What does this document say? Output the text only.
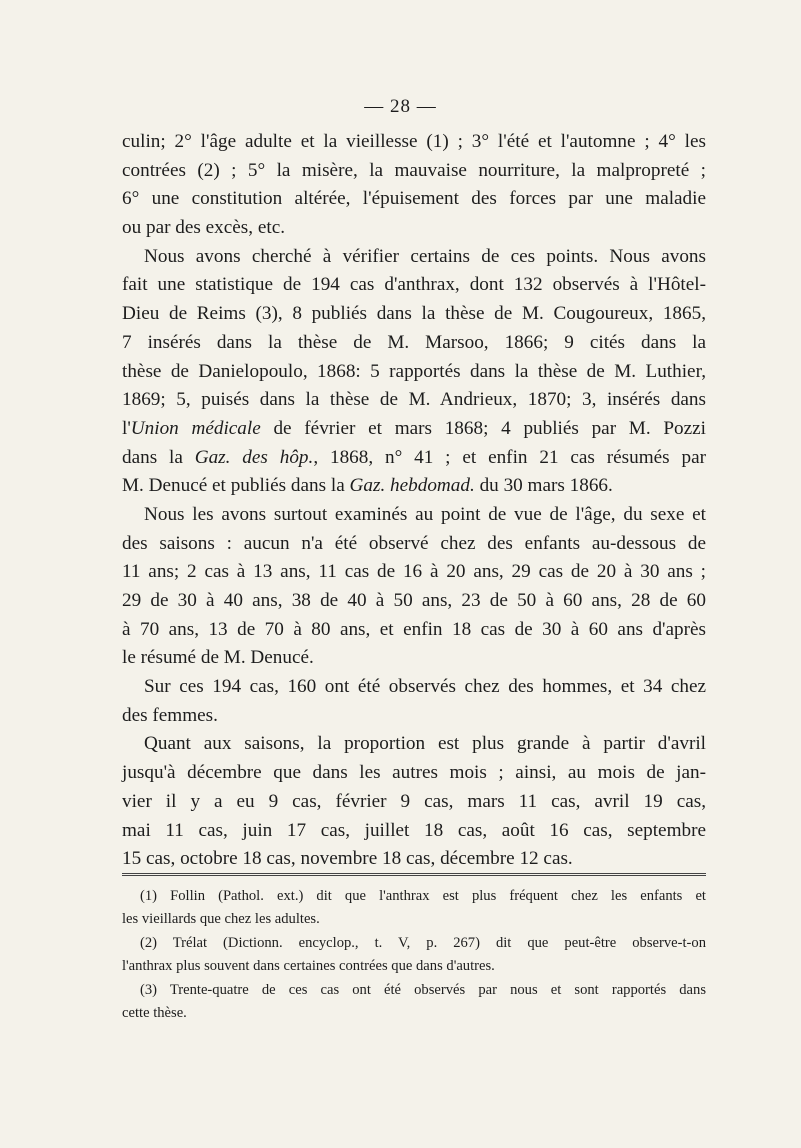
— 28 —
culin; 2° l'âge adulte et la vieillesse (1) ; 3° l'été et l'automne ; 4° les
contrées (2) ; 5° la misère, la mauvaise nourriture, la malpropreté ;
6° une constitution altérée, l'épuisement des forces par une maladie
ou par des excès, etc.
Nous avons cherché à vérifier certains de ces points. Nous avons
fait une statistique de 194 cas d'anthrax, dont 132 observés à l'Hôtel-
Dieu de Reims (3), 8 publiés dans la thèse de M. Cougoureux, 1865,
7 insérés dans la thèse de M. Marsoo, 1866; 9 cités dans la
thèse de Danielopoulo, 1868: 5 rapportés dans la thèse de M. Luthier,
1869; 5, puisés dans la thèse de M. Andrieux, 1870; 3, insérés dans
l'Union médicale de février et mars 1868; 4 publiés par M. Pozzi
dans la Gaz. des hôp., 1868, n° 41 ; et enfin 21 cas résumés par
M. Denucé et publiés dans la Gaz. hebdomad. du 30 mars 1866.
Nous les avons surtout examinés au point de vue de l'âge, du sexe et
des saisons : aucun n'a été observé chez des enfants au-dessous de
11 ans; 2 cas à 13 ans, 11 cas de 16 à 20 ans, 29 cas de 20 à 30 ans ;
29 de 30 à 40 ans, 38 de 40 à 50 ans, 23 de 50 à 60 ans, 28 de 60
à 70 ans, 13 de 70 à 80 ans, et enfin 18 cas de 30 à 60 ans d'après
le résumé de M. Denucé.
Sur ces 194 cas, 160 ont été observés chez des hommes, et 34 chez
des femmes.
Quant aux saisons, la proportion est plus grande à partir d'avril
jusqu'à décembre que dans les autres mois ; ainsi, au mois de jan-
vier il y a eu 9 cas, février 9 cas, mars 11 cas, avril 19 cas,
mai 11 cas, juin 17 cas, juillet 18 cas, août 16 cas, septembre
15 cas, octobre 18 cas, novembre 18 cas, décembre 12 cas.
(1) Follin (Pathol. ext.) dit que l'anthrax est plus fréquent chez les enfants et
les vieillards que chez les adultes.
(2) Trélat (Dictionn. encyclop., t. V, p. 267) dit que peut-être observe-t-on
l'anthrax plus souvent dans certaines contrées que dans d'autres.
(3) Trente-quatre de ces cas ont été observés par nous et sont rapportés dans
cette thèse.
